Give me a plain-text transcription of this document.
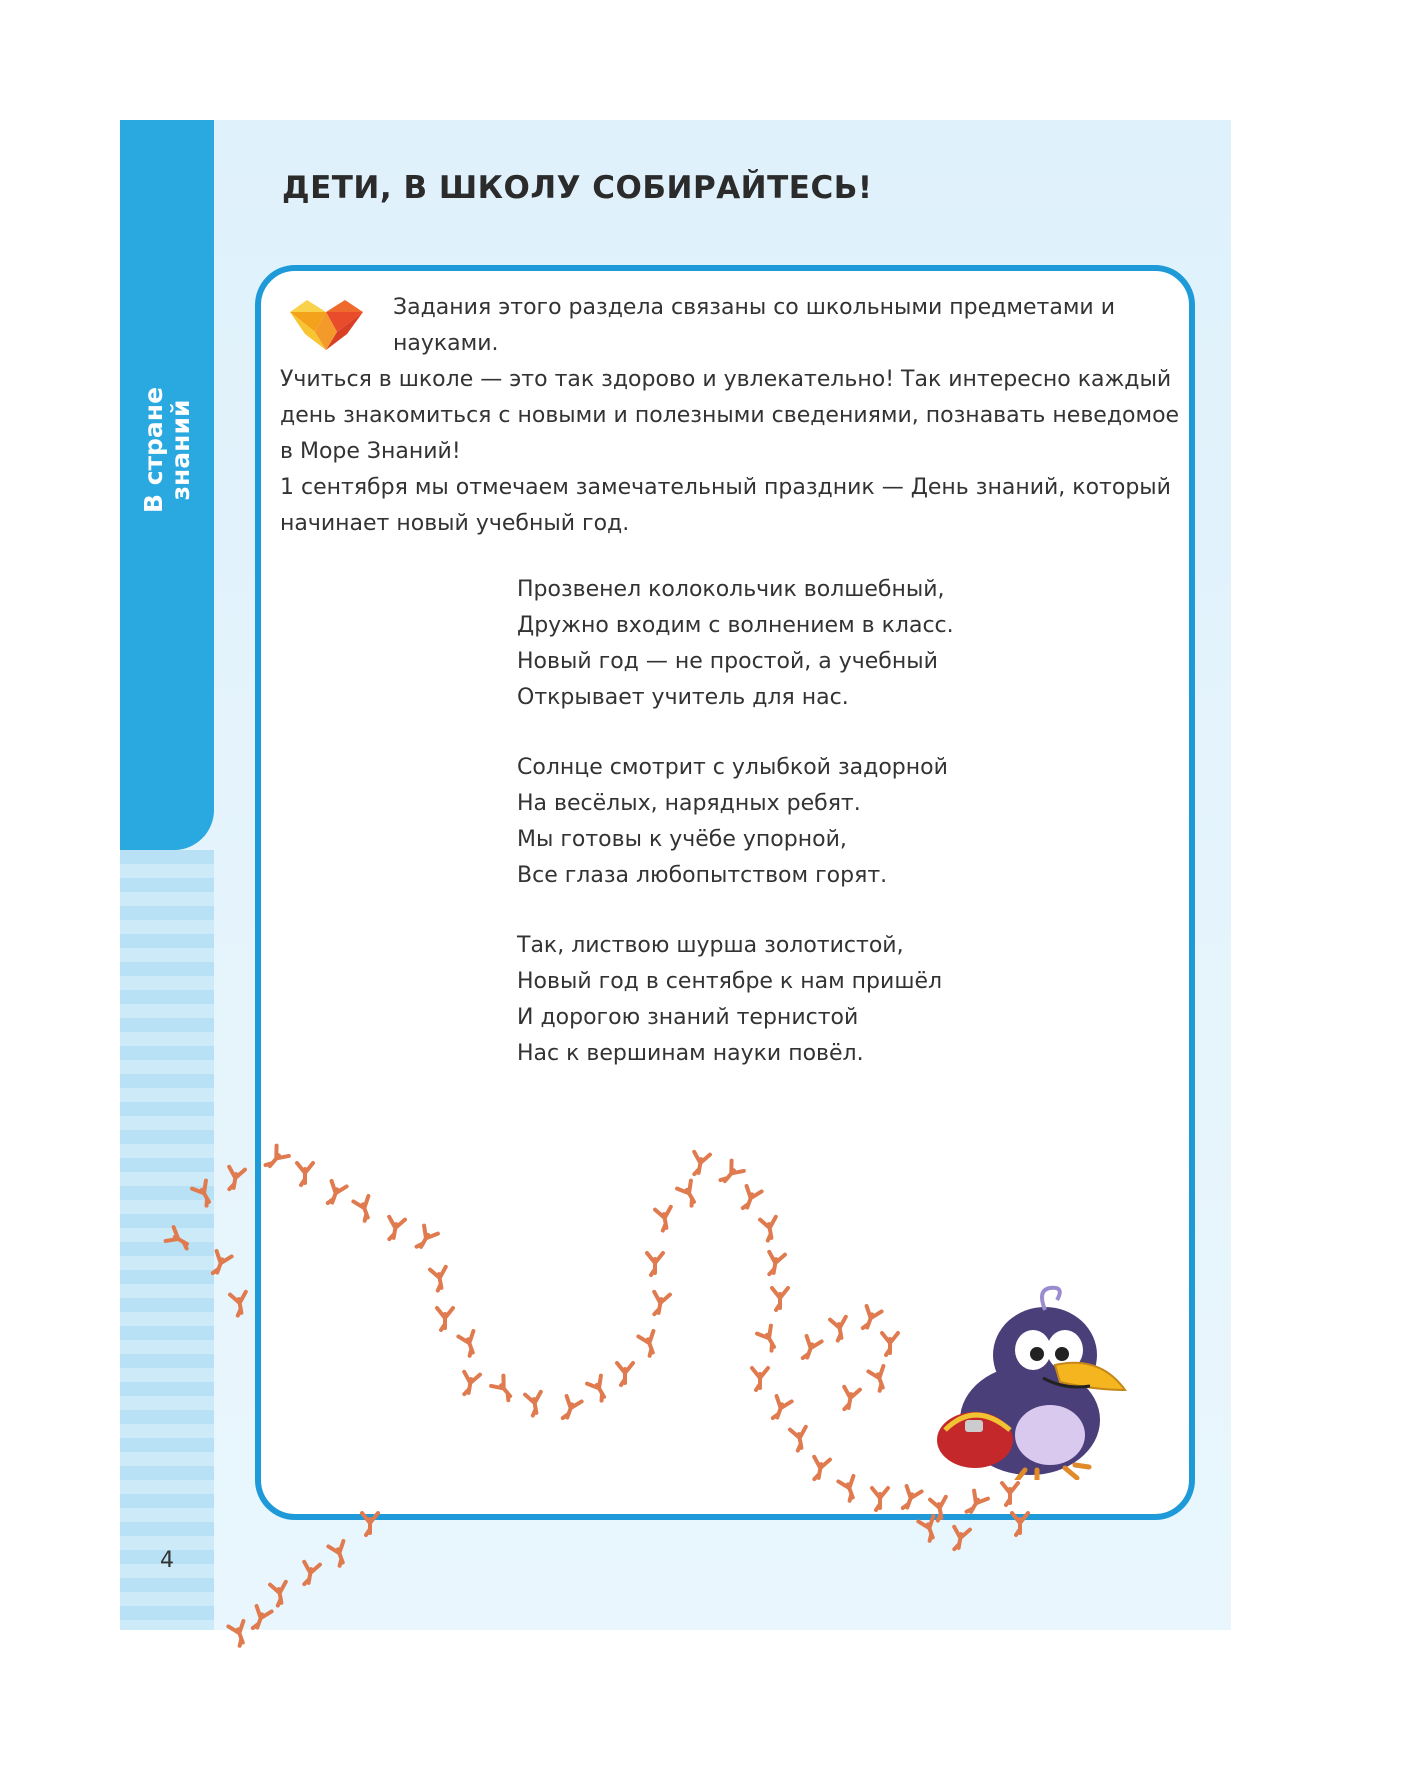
В стране
знаний
4
ДЕТИ, В ШКОЛУ СОБИРАЙТЕСЬ!
Задания этого раздела связаны со школьными предметами и науками.

Учиться в школе — это так здорово и увлекательно! Так интересно каждый день знакомиться с новыми и полезными сведениями, познавать неведомое в Море Знаний!

1 сентября мы отмечаем замечательный праздник — День знаний, который начинает новый учебный год.

Прозвенел колокольчик волшебный,
Дружно входим с волнением в класс.
Новый год — не простой, а учебный
Открывает учитель для нас.
Солнце смотрит с улыбкой задорной
На весёлых, нарядных ребят.
Мы готовы к учёбе упорной,
Все глаза любопытством горят.
Так, листвою шурша золотистой,
Новый год в сентябре к нам пришёл
И дорогою знаний тернистой
Нас к вершинам науки повёл.
